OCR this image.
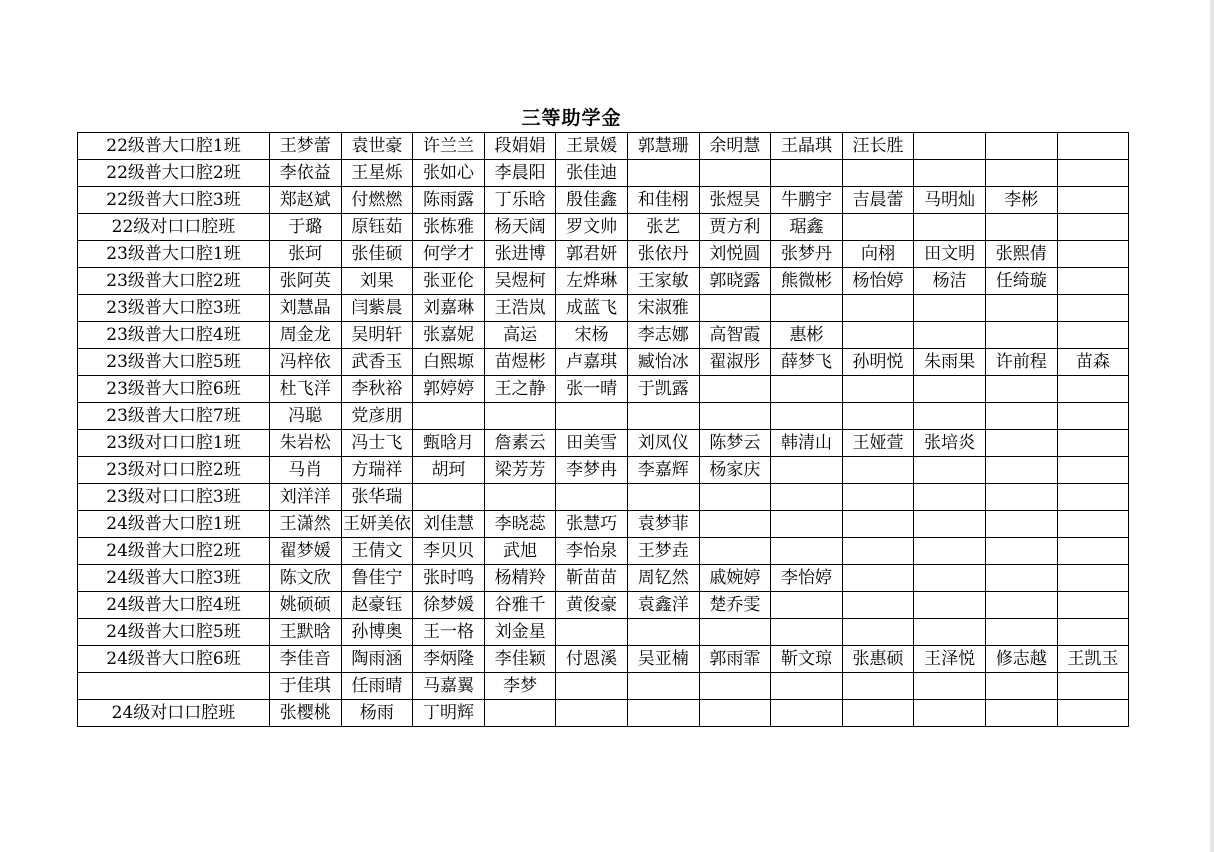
三等助学金
22级普大口腔1班	王梦蕾	袁世豪	许兰兰	段娟娟	王景媛	郭慧珊	余明慧	王晶琪	汪长胜			
22级普大口腔2班	李依益	王星烁	张如心	李晨阳	张佳迪							
22级普大口腔3班	郑赵斌	付燃燃	陈雨露	丁乐晗	殷佳鑫	和佳栩	张煜昊	牛鹏宇	吉晨蕾	马明灿	李彬	
22级对口口腔班	于璐	原钰茹	张栋雅	杨天阔	罗文帅	张艺	贾方利	琚鑫				
23级普大口腔1班	张珂	张佳硕	何学才	张进博	郭君妍	张依丹	刘悦圆	张梦丹	向栩	田文明	张熙倩	
23级普大口腔2班	张阿英	刘果	张亚伦	吴煜柯	左烨琳	王家敏	郭晓露	熊微彬	杨怡婷	杨洁	任绮璇	
23级普大口腔3班	刘慧晶	闫紫晨	刘嘉琳	王浩岚	成蓝飞	宋淑雅						
23级普大口腔4班	周金龙	吴明轩	张嘉妮	高运	宋杨	李志娜	高智霞	惠彬				
23级普大口腔5班	冯梓依	武香玉	白熙塬	苗煜彬	卢嘉琪	臧怡冰	翟淑彤	薛梦飞	孙明悦	朱雨果	许前程	苗森
23级普大口腔6班	杜飞洋	李秋裕	郭婷婷	王之静	张一晴	于凯露						
23级普大口腔7班	冯聪	党彦朋										
23级对口口腔1班	朱岩松	冯士飞	甄晗月	詹素云	田美雪	刘凤仪	陈梦云	韩清山	王娅萱	张培炎		
23级对口口腔2班	马肖	方瑞祥	胡珂	梁芳芳	李梦冉	李嘉辉	杨家庆					
23级对口口腔3班	刘洋洋	张华瑞										
24级普大口腔1班	王潇然	王妍美依	刘佳慧	李晓蕊	张慧巧	袁梦菲						
24级普大口腔2班	翟梦媛	王倩文	李贝贝	武旭	李怡泉	王梦垚						
24级普大口腔3班	陈文欣	鲁佳宁	张时鸣	杨精羚	靳苗苗	周钇然	戚婉婷	李怡婷				
24级普大口腔4班	姚硕硕	赵豪钰	徐梦媛	谷雅千	黄俊豪	袁鑫洋	楚乔雯					
24级普大口腔5班	王默晗	孙博奥	王一格	刘金星								
24级普大口腔6班	李佳音	陶雨涵	李炳隆	李佳颖	付恩溪	吴亚楠	郭雨霏	靳文琼	张惠硕	王泽悦	修志越	王凯玉
	于佳琪	任雨晴	马嘉翼	李梦								
24级对口口腔班	张樱桃	杨雨	丁明辉									
